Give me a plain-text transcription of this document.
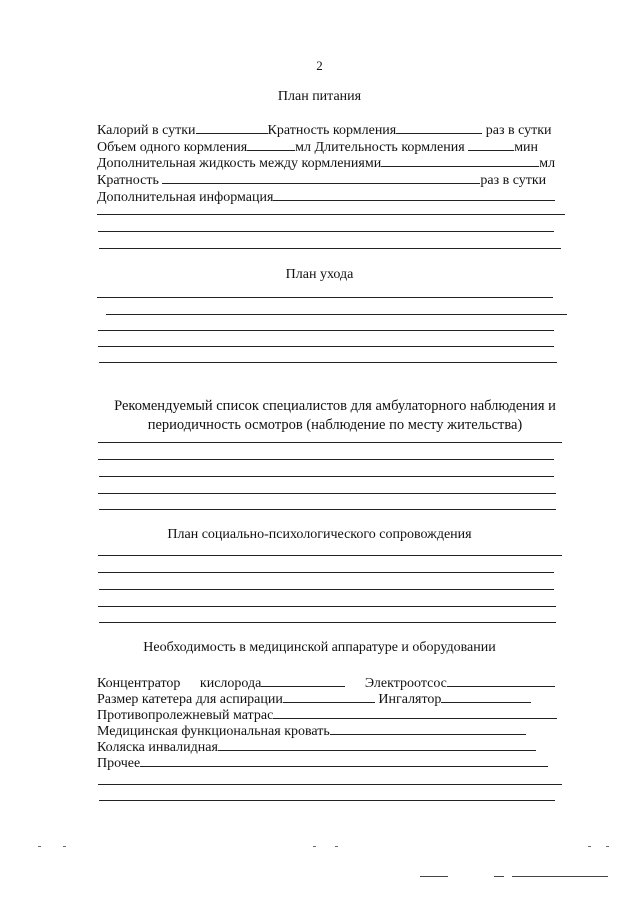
2
План питания
Калорий в сутки	Кратность кормления	раз в сутки
Объем одного кормления	мл Длительность кормления	мин
Дополнительная жидкость между кормлениями	мл
Кратность	раз в сутки
Дополнительная информация
План ухода
Рекомендуемый список специалистов для амбулаторного наблюдения и
периодичность осмотров (наблюдение по месту жительства)
План социально-психологического сопровождения
Необходимость в медицинской аппаратуре и оборудовании
Концентратор кислорода	Электроотсос
Размер катетера для аспирации	Ингалятор
Противопролежневый матрас
Медицинская функциональная кровать
Коляска инвалидная
Прочее
